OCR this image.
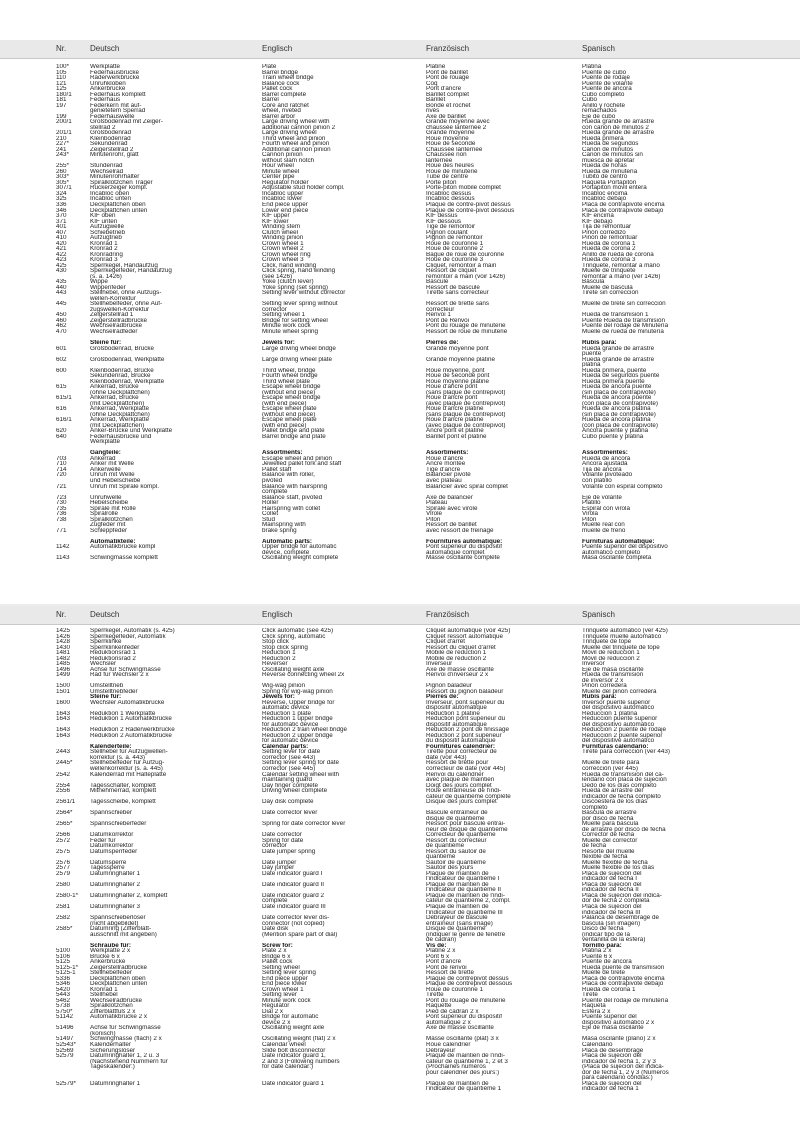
Nr.	Deutsch	Englisch	Französisch	Spanisch
100*	Werkplatte	Plate	Platine	Plátina
105	Federhausbrücke	Barrel bridge	Pont de barillet	Puente de cubo
110	Räderwerkbrücke	Train wheel bridge	Pont de rouage	Puente de rodaje
121	Unruhkloben	Balance cock	Coq	Puente de volante
125	Ankerbrücke	Pallet cock	Pont d'ancre	Puente de áncora
180/1	Federhaus komplett	Barrel complete	Barillet complet	Cubo completo
181	Federhaus	Barrel	Barillet	Cubo
197	Federkern mit auf-	Core and ratchet	Bonde et rochet	Anillo y rochete
genietetem Sperrad	wheel, riveted	rivés	remachados
199	Federhauswelle	Barrel arbor	Axe de barillet	Eje de cubo
200/1	Großbodenrad mit Zeiger-	Large driving wheel with	Grande moyenne avec	Rueda grande de arrastre
stellrad 2	additional cannon pinion 2	chaussée lanternée 2	con cañón de minutos 2
201/1	Großbodenrad	Large driving wheel	Grande moyenne	Rueda grande de arrastre
210	Kleinbodenrad	Third wheel and pinion	Roue moyenne	Rueda primera
227*	Sekundenrad	Fourth wheel and pinion	Roue de seconde	Rueda de segundos
241	Zeigerstellrad 2	Additional cannon pinion	Chaussée lanternée	Cañón de minutos
243*	Minutenrohr, glatt	Cannon pinion	Chaussée non	Cañón de minutos sin
without slam notch	lanternée	muesca de apretar
255*	Stundenrad	Hour wheel	Roue des heures	Rueda de horas
260	Wechselrad	Minute wheel	Roue de minuterie	Rueda de minutería
303*	Minutenrohrhalter	Center pipe	Tube de centre	Tubito de centro
305*	Spiralklötzchen Träger	Regulator holder	Porte piton	Raqueta Portapitón
307/1	Rückerzeiger kompl.	Adjustable stud holder compl.	Porte-piton mobile complet	Portapitón móvil entera
324	Incabloc oben	Incabloc upper	Incabloc dessus	Incabloc encima
325	Incabloc unten	Incabloc lower	Incabloc dessous	Incabloc debajo
336	Deckplättchen oben	End piece upper	Plaque de contre-pivot dessus	Placa de contrapivote encima
346	Deckplättchen unten	Lower end piece	Plaque de contre-pivot dessous	Placa de contrapivote debajo
370	KIF oben	KIF upper	KIF dessus	KIF encima
371	KIF unten	KIF lower	KIF dessous	KIF debajo
401	Aufzugwelle	Winding stem	Tige de remontoir	Tija de remontuar
407	Schiebetrieb	Clutch wheel	Pignon coulant	Piñón corredizo
410	Aufzugtrieb	Winding pinion	Pignon de remontoir	Piñón de remontuar
420	Kronrad 1	Crown wheel 1	Roue de couronne 1	Rueda de corona 1
421	Kronrad 2	Crown wheel 2	Roue de couronne 2	Rueda de corona 2
422	Kronradring	Crown wheel ring	Bague de roue de couronne	Anillo de rueda de corona
423	Kronrad 3	Crown wheel 3	Roue de couronne 3	Rueda de corona 3
425	Sperrkegel, Handaufzug	Click, hand winding	Cliquet, remontoir à main	Trinquete, remontar a mano
430	Sperrkegelfeder, Handaufzug	Click spring, hand winding	Ressort de cliquet	Muelle de trinquete
(s. a. 1426)	(see 1426)	remontoir à main (voir 1426)	remontar a mano (ver 1426)
435	Wippe	Yoke (clutch lever)	Bascule	Báscula
440	Wippenfeder	Yoke spring (set spring)	Ressort de bascule	Muelle de báscula
443	Stellhebel, ohne Aufzugs-	Setting lever without corrector	Tirette sans correcteur	Tirete sin corrección
wellen-Korrektur
445	Stellhebelfeder, ohne Auf-	Setting lever spring without	Ressort de tirette sans	Muelle de tirete sin corrección
zugswellen-Korrektur	corrector	correcteur
450	Zeigerstellrad 1	Setting wheel 1	Renvoi 1	Rueda de transmisión 1
460	Zeigerstellradbrücke	Bridge for setting wheel	Pont de Renvoi	Puente Rueda de transmisión
462	Wechselradbrücke	Minute work cock	Pont du rouage de minuterie	Puente del rodaje de Minutería
470	Wechselradfeder	Minute wheel spring	Ressort de roue de minuterie	Muelle de rueda de minutería
Steine für:	Jewels for:	Pierres de:	Rubís para:
601	Großbodenrad, Brücke	Large driving wheel bridge	Grande moyenne pont	Rueda grande de arrastre
puente
602	Großbodenrad, Werkplatte	Large driving wheel plate	Grande moyenne platine	Rueda grande de arrastre
platina
600	Kleinbodenrad, Brücke	Third wheel, bridge	Roue moyenne, pont	Rueda primera, puente
Sekundenrad, Brücke	Fourth wheel bridge	Roue de seconde pont	Rueda de segundos puente
Kleinbodenrad, Werkplatte	Third wheel plate	Roue moyenne platine	Rueda primera puente
615	Ankerrad, Brücke	Escape wheel bridge	Roue d'ancre pont	Rueda de áncora puente
(ohne Deckplättchen)	(without end piece)	(sans plaque de contrepivot)	(sin placa de contrapivote)
615/1	Ankerrad, Brücke	Escape wheel bridge	Roue d'ancre pont	Rueda de áncora puente
(mit Deckplättchen)	(with end piece)	(avec plaque de contrepivot)	(con placa de contrapivote)
616	Ankerrad, Werkplatte	Escape wheel plate	Roue d'ancre platine	Rueda de áncora platina
(ohne Deckplättchen)	(without end piece)	(sans plaque de contrepivot)	(sin placa de contrapivote)
616/1	Ankerrad, Werkplatte	Escape wheel plate	Roue d'ancre platine	Rueda de áncora platina
(mit Deckplättchen)	(with end piece)	(avec plaque de contrepivot)	(con placa de contrapivote)
620	Anker-Brücke und Werkplatte	Pallet bridge and plate	Ancre pont et platine	Áncora puente y platina
640	Federhausbrücke und	Barrel bridge and plate	Barillet pont et platine	Cubo puente y platina
Werkplatte
Gangteile:	Assortments:	Assortiments:	Assortimentes:
703	Ankerrad	Escape wheel and pinion	Roue d'ancre	Rueda de áncora
710	Anker mit Welle	Jewelled pallet fork and staff	Ancre montée	Ancora ajustada
714	Ankerwelle	Pallet staff	Tige d'ancre	Tija de áncora
720	Unruh mit Welle	Balance with roller,	Balancier pivoté	Volante pivoteado
und Hebelscheibe	pivoted	avec plateau	con platillo
721	Unruh mit Spirale kompl.	Balance with hairspring	Balancier avec spiral complet	Volante con espiral completo
complete
723	Unruhwelle	Balance staff, pivoted	Axe de balancier	Eje de volante
730	Hebelscheibe	Roller	Plateau	Platillo
735	Spirale mit Rolle	Hairspring with collet	Spirale avec virole	Espiral con virola
736	Spiralrolle	Collet	Virole	Virola
738	Spiralklötzchen	Stud	Piton	Pitón
Zugfeder mit	Mainspring with	Ressort de barillet	Muelle real con
771	Schleppfeder	brake spring	avec ressort de freinage	muelle de freno
Automatikteile:	Automatic parts:	Fournitures automatique:	Furnituras automatique:
1142	Automatikbrücke kompl	Upper bridge for automatic	Pont supérieur du dispositif	Puente superior del dispositivo
device, complete	automatique complet	automático completo
1143	Schwingmasse komplett	Oscillating weight complete	Masse oscillante complète	Masa oscilante completa
Nr.	Deutsch	Englisch	Französisch	Spanisch
1425	Sperrkegel, Automatik (s. 425)	Click automatic (see 425)	Cliquet automatique (voir 425)	Trinquete automático (ver 425)
1426	Sperrkegelfeder, Automatik	Click spring, automatic	Cliquet ressort automatique	Trinquete muelle automático
1428	Sperrklinke	Stop click	Cliquet d'arrêt	Trinquete de tope
1430	Sperrklinkenfeder	Stop click spring	Ressort du cliquet d'arrêt	Muelle del trinquete de tope
1481	Reduktionsrad 1	Reduction 1	Mobile de réduction 1	Móvil de reducción 1
1482	Reduktionsrad 2	Reduction 2	Mobile de réduction 2	Móvil de reducción 2
1485	Wechsler	Reverser	Inverseur	Inversor
1496	Achse für Schwingmasse	Oscillating weight axle	Axe de masse oscillante	Eje de masa oscilante
1499	Rad für Wechsler 2 x	Reverse connecting wheel 2x	Renvoi d'inverseur 2 x	Rueda de transmisión
de inversor 2 x
1500	Umstelltrieb	Wig-wag pinion	Pignon baladeur	Piñón corredera
1501	Umstelltriebfeder	Spring for wig-wag pinion	Ressort du pignon baladeur	Muelle del piñón corredera
Steine für:	Jewels for:	Pierres de:	Rubís para:
1600	Wechsler Automatikbrücke	Reverse, Upper bridge for	Inverseur, pont supérieur du	Inversor puente superior
automatic device	dispositif automatique	del dispositivo automático
1643	Reduktion 1 Werkplatte	Reduction 1 plate	Réduction 1 platine	Reducción 1 platina
1643	Reduktion 1 Automatikbrücke	Reduction 1 upper bridge	Réduction pont supérieur du	Reducción puente superior
for automatic device	dispositif automatique	del dispositivo automático
1643	Reduktion 2 Räderwerkbrücke	Reduction 2 train wheel bridge	Réduction 2 pont de finissage	Reducción 2 puente de rodaje
1643	Reduktion 2 Automatikbrücke	Reduction 2 upper bridge	Réduction 2 pont supérieur	Reducción 2 puente superior
for automatic device	du dispositif automatique	del dispositive automático
Kalenderteile:	Calendar parts:	Fournitures calendrier:	Furnituras calendario:
2443	Stellhebel für Aufzugwellen-	Setting lever for date	Tirette pour correcteur de	Tirete para corrección (ver 443)
korrektur (s. a. 443)	corrector (see 443)	date (voir 443)
2445*	Stellhebelfeder für Aufzug-	Setting lever spring for date	Ressort de tirette pour	Muelle de tirete para
wellenkorrektur (s. a. 445)	corrector (see 445)	correcteur de date (voir 445)	corrección (ver 445)
2542	Kalenderrad mit Halteplatte	Calendar setting wheel with	Renvoi du calendrier	Rueda de transmisión del ca-
maintaining guard	avec plaque de maintien	lendario con placa de sujeción
2554	Tagesschalter, komplett	Day finger complete	Doigt des jours complet	Dedo de los días completo
2556	Mitnehmerrad, komplett	Driving wheel complete	Roue entraîneuse de l'indi-	Rueda de arrastre del
cateur de quantième complète	indicador de fecha completo
2561/1	Tagesscheibe, komplett	Day disk complete	Disque des jours complet	Discoestera de los días
completo
2564*	Spannschieber	Date corrector lever	Bascule entraîneur de	Basculá de arrastre
disque de quantième	por disco de fecha
2565*	Spannschieberfeder	Spring for date corrector lever	Ressort pour bascule entrai-	Muelle para bascula
neur de disque de quantième	de arrastre por disco de fecha
2566	Datumkorrektor	Date corrector	Correcteur de quantième	Corrector de fecha
2572	Feder für	Spring for date	Ressort du correcteur	Muelle del corrector
Datumkorrektor	corrector	de quantième	de fecha
2575	Datumsperrfeder	Date jumper spring	Ressort du sautoir de	Resorte del muelle
quantième	flexible de fecha
2576	Datumsperre	Date jumper	Sautoir de quantième	Muelle flexible de fecha
2577	Tagessperre	Day jumper	Sautoir des jours	Muelle flexible de los días
2579	Datumringhalter 1	Date indicator guard I	Plaque de maintien de	Placa de sujeción del
l'indicateur de quantième I	indicador de fecha I
2580	Datumringhalter 2	Date indicator guard II	Plaque de maintien de	Placa de sujeción del
l'indicateur de quantième II	indicador de fecha II
2580-1*	Datumringhalter 2, komplett	Date indicator guard 2	Plaque de maintien de l'indi-	Placa de sujeción del indica-
complete	cateur de quantième 2, compl.	dor de fecha 2 completa
2581	Datumringhalter 3	Date indicator guard III	Plaque de maintien de	Placa de sujeción del
l'indicateur de quantième III	indicador de fecha III
2582	Spannschieberlöser	Date corrector lever dis-	Débrayeur de bascule	Palanca de desembrage de
(nicht abgebildet)	connector (not copied)	entraîneur (sans image)	bascula (sin imagen)
2585*	Datumring (Zifferblatt-	Date disk	Disque de quantième	Disco de fecha
ausschnitt mit angeben)	(Mention spare part of dial)	(indiquer le genre de fenêtre	(indicar tipo de la
de cadran)	ventanilla de la esfera)
Schraube für:	Screw for:	Vis de:	Tornillo para:
5100	Werkplatte 2 x	Plate 2 x	Platine 2 x	Plátina 2 x
5106	Brücke 6 x	Bridge 6 x	Pont 6 x	Puente 6 x
5125	Ankerbrücke	Pallet cock	Pont d'ancre	Puente de áncora
5125-1*	Zeigerstellradbrücke	Setting wheel	Pont de renvoi	Rueda puente de transmisión
5125-1	Stellhebelfeder	Setting lever spring	Ressort de tirette	Muelle de tirete
5336	Deckplättchen oben	End piece upper	Plaque de contrepivot dessus	Placa de contrapivote encima
5346	Deckplättchen unten	End piece lower	Plaque de contrepivot dessous	Placa de contrapivote debajo
5420	Kronrad 1	Crown wheel 1	Roue de couronne 1	Rueda de corona 1
5443	Stellhebel	Setting lever	Tirette	Tirete
5462	Wechselradbrücke	Minute work cock	Pont du rouage de minuterie	Puente del rodaje de minutería
5738	Spiralklötzchen	Regulator	Raquette	Raqueta
5750*	Zifferblattfuß 2 x	Dial 2 x	Pied de cadran 2 x	Esfera 2 x
51142	Automatikbrücke 2 x	Bridge for automatic	Pont supérieur du dispositif	Puente superior del
device 2 x	automatique 2 x	dispositivo automático 2 x
51496	Achse für Schwingmasse	Oscillating weight axle	Axe de masse oscillante	Eje de masa oscilante
(konisch)
51497	Schwingmasse (flach) 2 x	Oscillating weight (flat) 2 x	Masse oscillante (plat) 3 x	Masa oscilante (plano) 2 x
52543*	Kalenderhalter	Calendar wheel	Roue calendrier	Calendario
52569	Sicherungslöser	Slide bolt disconnector	Débrayeur	Placa de desembrage
52579	Datumringhalter 1, 2 u. 3	Date indicator guard 1,	Plaque de maintien de l'indi-	Placa de sujeción del
(Nachstehend Nummern für	2 and 3 (Following numbers	cateur de quantième 1, 2 et 3	indicador de fecha 1, 2 y 3
Tageskalender:)	for date calendar:)	(Prochaines numéros	(Placa de sujeción del indica-
pour calendrier des jours:)	dor de fecha 1, 2 y 3 (Numeros
para calendario condias:)
52579*	Datumringhalter 1	Date indicator guard 1	Plaque de maintien de	Placa de sujeción del
l'indicateur de quantième 1	indicador de fecha 1
